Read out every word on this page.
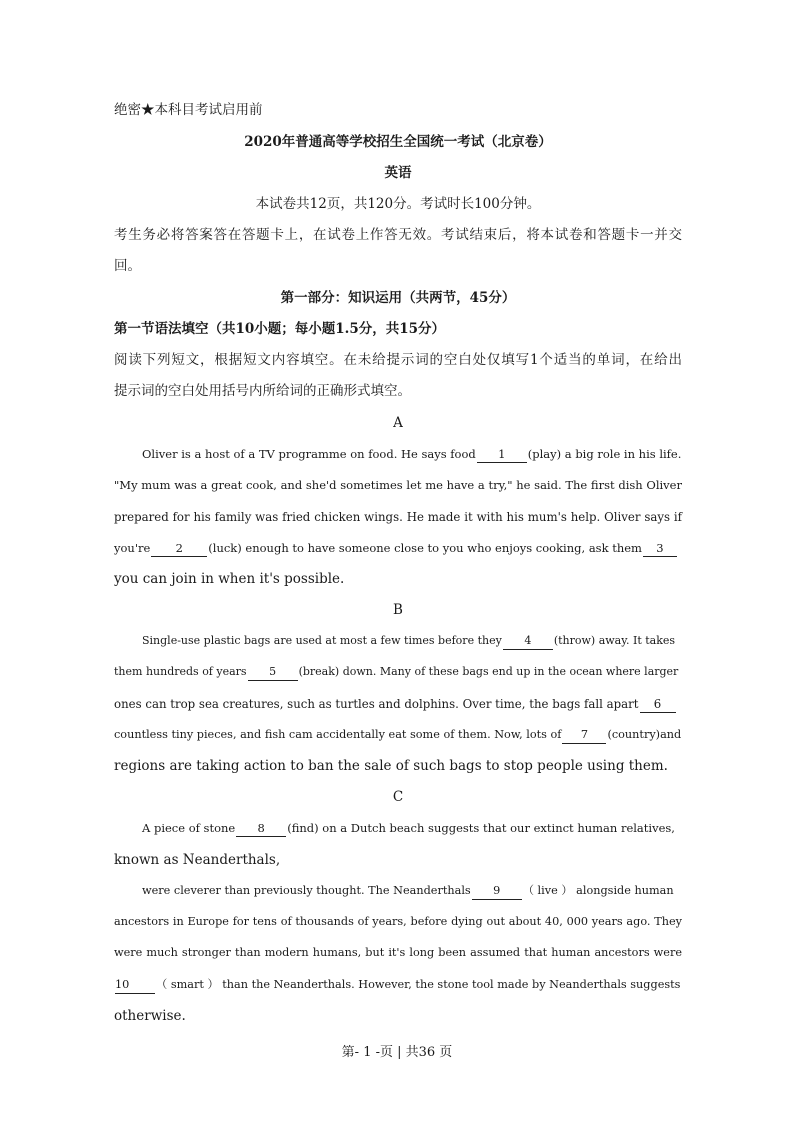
绝密★本科目考试启用前
2020年普通高等学校招生全国统一考试（北京卷）
英语
本试卷共12页，共120分。考试时长100分钟。
考生务必将答案答在答题卡上，在试卷上作答无效。考试结束后，将本试卷和答题卡一并交
回。
第一部分：知识运用（共两节，45分）
第一节语法填空（共10小题；每小题1.5分，共15分）
阅读下列短文，根据短文内容填空。在未给提示词的空白处仅填写1个适当的单词，在给出
提示词的空白处用括号内所给词的正确形式填空。
A
Oliver is a host of a TV programme on food. He says food 1 (play) a big role in his life.
"My mum was a great cook, and she'd sometimes let me have a try," he said. The first dish Oliver
prepared for his family was fried chicken wings. He made it with his mum's help. Oliver says if
you're 2 (luck) enough to have someone close to you who enjoys cooking, ask them 3
you can join in when it's possible.
B
Single-use plastic bags are used at most a few times before they 4 (throw) away. It takes
them hundreds of years 5 (break) down. Many of these bags end up in the ocean where larger
ones can trop sea creatures, such as turtles and dolphins. Over time, the bags fall apart 6
countless tiny pieces, and fish cam accidentally eat some of them. Now, lots of 7 (country)and
regions are taking action to ban the sale of such bags to stop people using them.
C
A piece of stone 8 (find) on a Dutch beach suggests that our extinct human relatives,
known as Neanderthals,
were cleverer than previously thought. The Neanderthals 9 （ live ） alongside human
ancestors in Europe for tens of thousands of years, before dying out about 40, 000 years ago. They
were much stronger than modern humans, but it's long been assumed that human ancestors were
10 （ smart ） than the Neanderthals. However, the stone tool made by Neanderthals suggests
otherwise.
第- 1 -页 | 共36 页
